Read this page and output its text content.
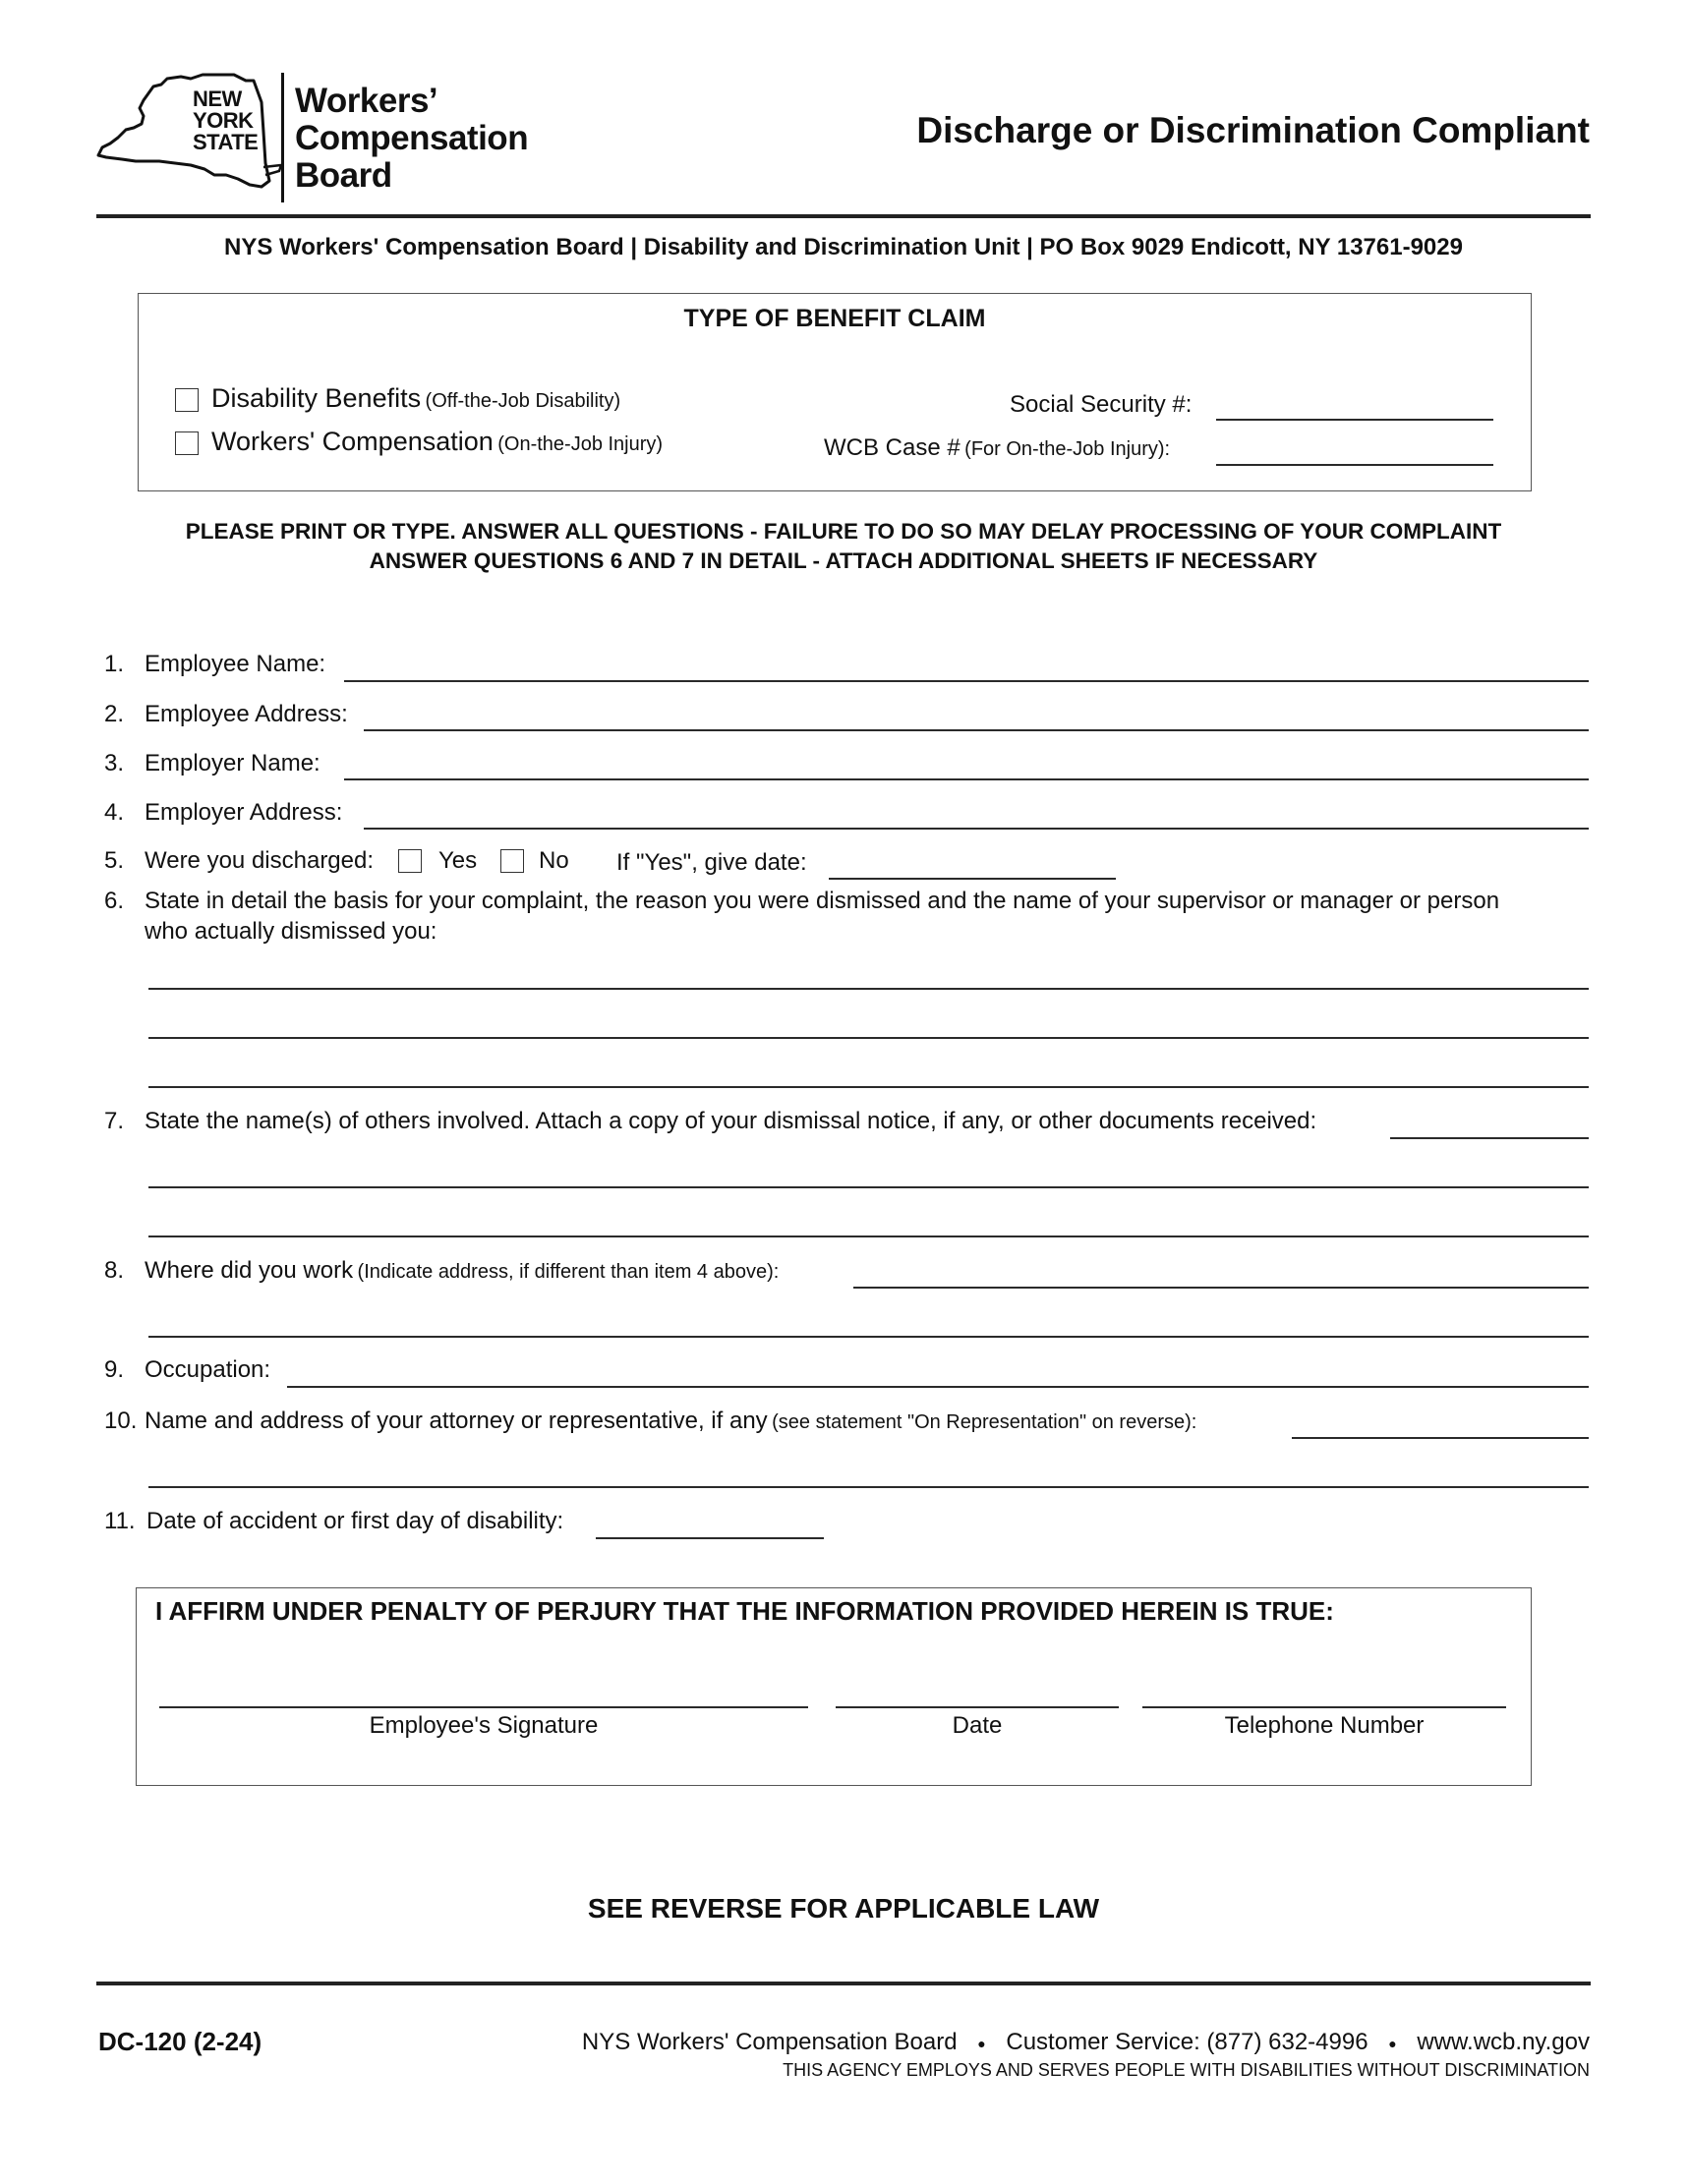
NEW
YORK
STATE
Workers’
Compensation
Board
Discharge or Discrimination Compliant
NYS Workers' Compensation Board | Disability and Discrimination Unit | PO Box 9029 Endicott, NY 13761-9029
TYPE OF BENEFIT CLAIM
Disability Benefits (Off-the-Job Disability)
Workers' Compensation (On-the-Job Injury)
Social Security #:
WCB Case # (For On-the-Job Injury):
PLEASE PRINT OR TYPE. ANSWER ALL QUESTIONS - FAILURE TO DO SO MAY DELAY PROCESSING OF YOUR COMPLAINT
ANSWER QUESTIONS 6 AND 7 IN DETAIL - ATTACH ADDITIONAL SHEETS IF NECESSARY
1. Employee Name:
2. Employee Address:
3. Employer Name:
4. Employer Address:
5. Were you discharged:	Yes	No If "Yes", give date:
6. State in detail the basis for your complaint, the reason you were dismissed and the name of your supervisor or manager or person
who actually dismissed you:
7. State the name(s) of others involved. Attach a copy of your dismissal notice, if any, or other documents received:
8. Where did you work (Indicate address, if different than item 4 above):
9. Occupation:
10. Name and address of your attorney or representative, if any (see statement "On Representation" on reverse):
11. Date of accident or first day of disability:
I AFFIRM UNDER PENALTY OF PERJURY THAT THE INFORMATION PROVIDED HEREIN IS TRUE:
Employee's Signature	Date	Telephone Number
SEE REVERSE FOR APPLICABLE LAW
DC-120 (2-24)	NYS Workers' Compensation Board ● Customer Service: (877) 632-4996 ● www.wcb.ny.gov
THIS AGENCY EMPLOYS AND SERVES PEOPLE WITH DISABILITIES WITHOUT DISCRIMINATION
